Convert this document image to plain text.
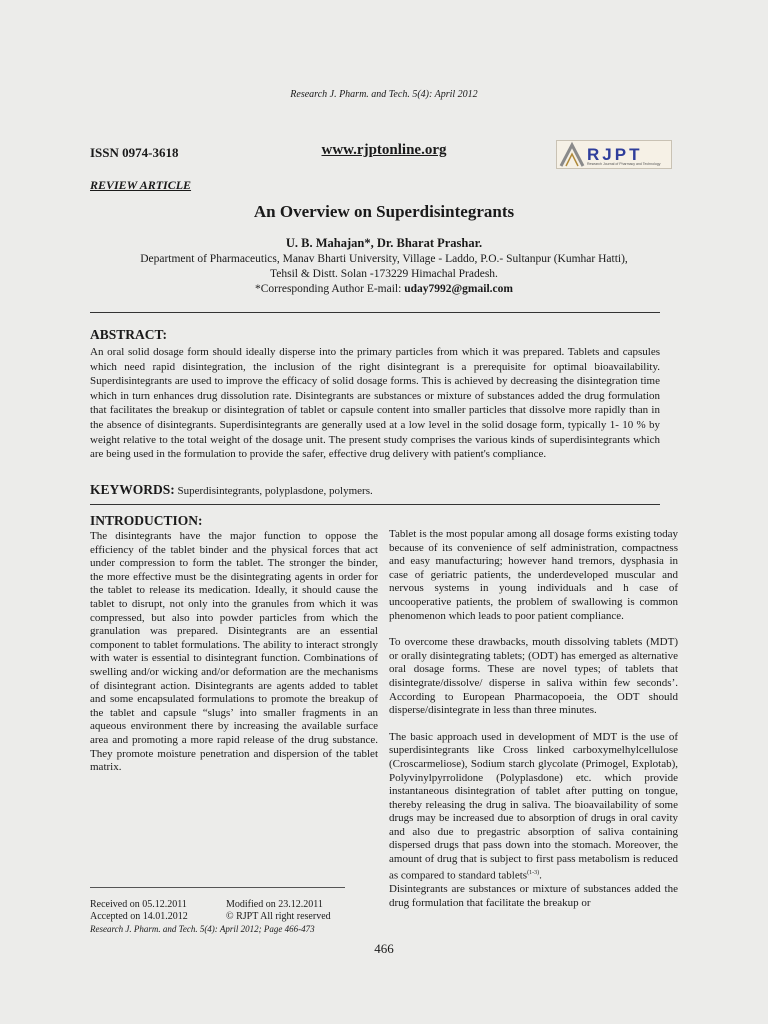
Research J. Pharm. and Tech. 5(4): April 2012
ISSN 0974-3618	www.rjptonline.org	RJPT
Research Journal of Pharmacy and Technology
REVIEW ARTICLE
An Overview on Superdisintegrants
U. B. Mahajan*, Dr. Bharat Prashar.
Department of Pharmaceutics, Manav Bharti University, Village - Laddo, P.O.- Sultanpur (Kumhar Hatti),
Tehsil & Distt. Solan -173229 Himachal Pradesh.
*Corresponding Author E-mail: uday7992@gmail.com
ABSTRACT:
An oral solid dosage form should ideally disperse into the primary particles from which it was prepared. Tablets and capsules which need rapid disintegration, the inclusion of the right disintegrant is a prerequisite for optimal bioavailability. Superdisintegrants are used to improve the efficacy of solid dosage forms. This is achieved by decreasing the disintegration time which in turn enhances drug dissolution rate. Disintegrants are substances or mixture of substances added the drug formulation that facilitates the breakup or disintegration of tablet or capsule content into smaller particles that dissolve more rapidly than in the absence of disintegrants. Superdisintegrants are generally used at a low level in the solid dosage form, typically 1- 10 % by weight relative to the total weight of the dosage unit. The present study comprises the various kinds of superdisintegrants which are being used in the formulation to provide the safer, effective drug delivery with patient's compliance.
KEYWORDS: Superdisintegrants, polyplasdone, polymers.
INTRODUCTION:

The disintegrants have the major function to oppose the efficiency of the tablet binder and the physical forces that act under compression to form the tablet. The stronger the binder, the more effective must be the disintegrating agents in order for the tablet to release its medication. Ideally, it should cause the tablet to disrupt, not only into the granules from which it was compressed, but also into powder particles from which the granulation was prepared. Disintegrants are an essential component to tablet formulations. The ability to interact strongly with water is essential to disintegrant function. Combinations of swelling and/or wicking and/or deformation are the mechanisms of disintegrant action. Disintegrants are agents added to tablet and some encapsulated formulations to promote the breakup of the tablet and capsule “slugs’ into smaller fragments in an aqueous environment there by increasing the available surface area and promoting a more rapid release of the drug substance. They promote moisture penetration and dispersion of the tablet matrix.

Tablet is the most popular among all dosage forms existing today because of its convenience of self administration, compactness and easy manufacturing; however hand tremors, dysphasia in case of geriatric patients, the underdeveloped muscular and nervous systems in young individuals and h case of uncooperative patients, the problem of swallowing is common phenomenon which leads to poor patient compliance.

To overcome these drawbacks, mouth dissolving tablets (MDT) or orally disintegrating tablets; (ODT) has emerged as alternative oral dosage forms. These are novel types; of tablets that disintegrate/dissolve/ disperse in saliva within few seconds’. According to European Pharmacopoeia, the ODT should disperse/disintegrate in less than three minutes.

The basic approach used in development of MDT is the use of superdisintegrants like Cross linked carboxymelhylcellulose (Croscarmeliose), Sodium starch glycolate (Primogel, Explotab), Polyvinylpyrrolidone (Polyplasdone) etc. which provide instantaneous disintegration of tablet after putting on tongue, thereby releasing the drug in saliva. The bioavailability of some drugs may be increased due to absorption of drugs in oral cavity and also due to pregastric absorption of saliva containing dispersed drugs that pass down into the stomach. Moreover, the amount of drug that is subject to first pass metabolism is reduced as compared to standard tablets$^{(1-3)}$.

Disintegrants are substances or mixture of substances added the drug formulation that facilitate the breakup or

Received on 05.12.2011	Modified on 23.12.2011
Accepted on 14.01.2012	© RJPT All right reserved
Research J. Pharm. and Tech. 5(4): April 2012; Page 466-473
466
